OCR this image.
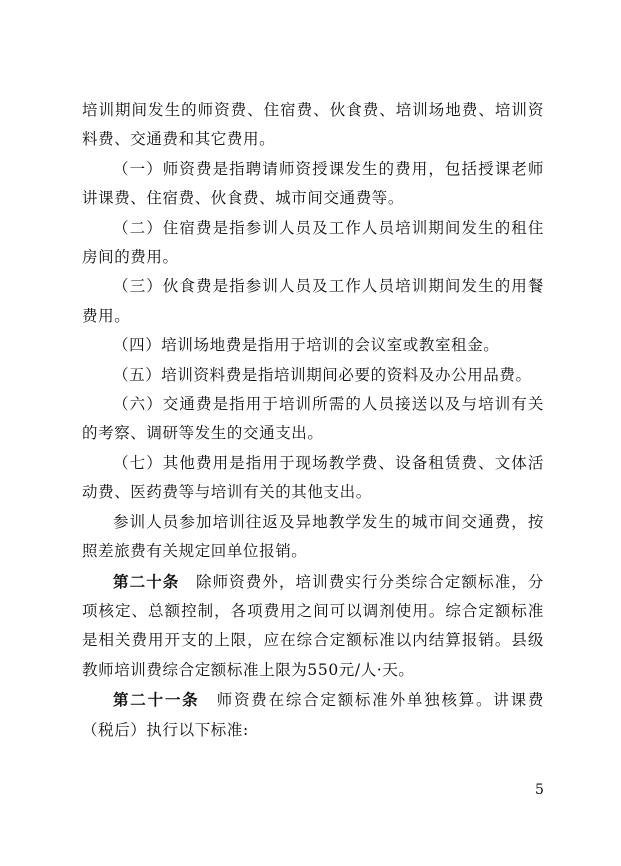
培训期间发生的师资费、住宿费、伙食费、培训场地费、培训资料费、交通费和其它费用。

（一）师资费是指聘请师资授课发生的费用，包括授课老师讲课费、住宿费、伙食费、城市间交通费等。

（二）住宿费是指参训人员及工作人员培训期间发生的租住房间的费用。

（三）伙食费是指参训人员及工作人员培训期间发生的用餐费用。

（四）培训场地费是指用于培训的会议室或教室租金。

（五）培训资料费是指培训期间必要的资料及办公用品费。

（六）交通费是指用于培训所需的人员接送以及与培训有关的考察、调研等发生的交通支出。

（七）其他费用是指用于现场教学费、设备租赁费、文体活动费、医药费等与培训有关的其他支出。

参训人员参加培训往返及异地教学发生的城市间交通费，按照差旅费有关规定回单位报销。

第二十条　除师资费外，培训费实行分类综合定额标准，分项核定、总额控制，各项费用之间可以调剂使用。综合定额标准是相关费用开支的上限，应在综合定额标准以内结算报销。县级教师培训费综合定额标准上限为550元/人·天。

第二十一条　师资费在综合定额标准外单独核算。讲课费（税后）执行以下标准:

5
